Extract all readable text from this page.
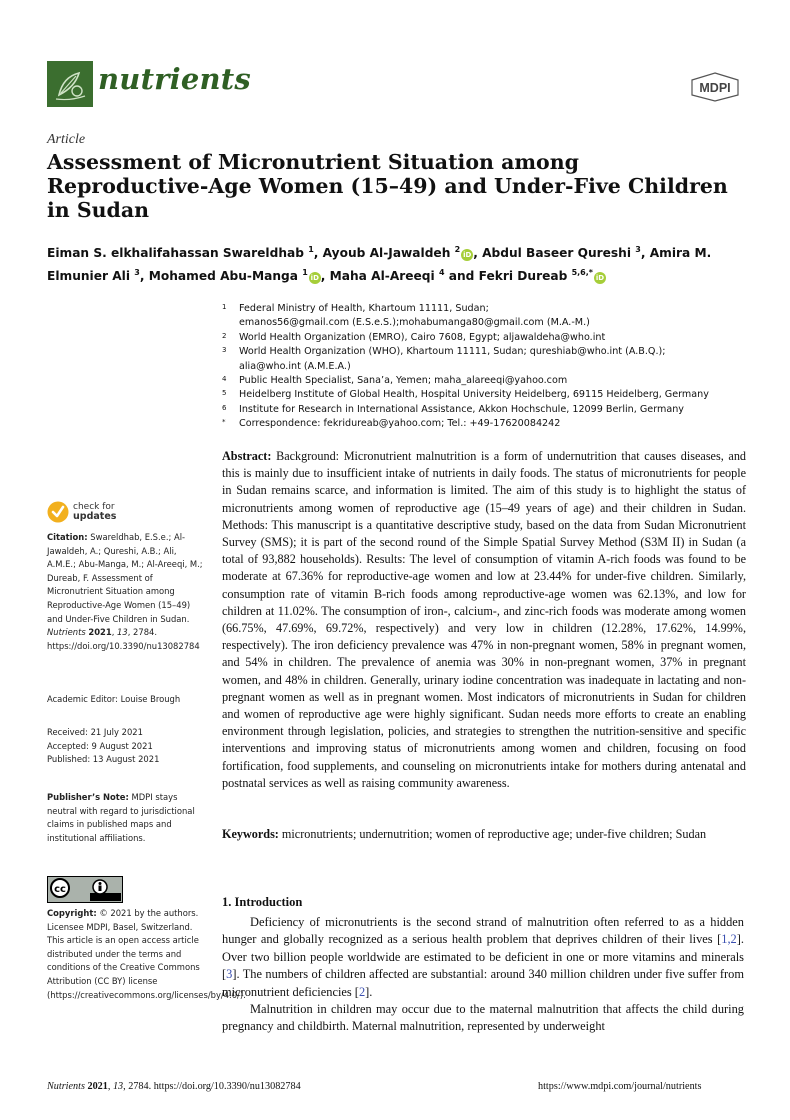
nutrients	MDPI
Article
Assessment of Micronutrient Situation among Reproductive-Age Women (15–49) and Under-Five Children in Sudan
Eiman S. elkhalifahassan Swareldhab $^1$, Ayoub Al-Jawaldeh $^2$iD , Abdul Baseer Qureshi $^3$, Amira M. Elmunier Ali $^3$, Mohamed Abu-Manga $^1$iD , Maha Al-Areeqi $^4$ and Fekri Dureab $^{5,6,*}$iD
1 Federal Ministry of Health, Khartoum 11111, Sudan;
emanos56@gmail.com (E.S.e.S.);mohabumanga80@gmail.com (M.A.-M.)
2 World Health Organization (EMRO), Cairo 7608, Egypt; aljawaldeha@who.int
3 World Health Organization (WHO), Khartoum 11111, Sudan; qureshiab@who.int (A.B.Q.);
alia@who.int (A.M.E.A.)
4 Public Health Specialist, Sana’a, Yemen; maha_alareeqi@yahoo.com
5 Heidelberg Institute of Global Health, Hospital University Heidelberg, 69115 Heidelberg, Germany
6 Institute for Research in International Assistance, Akkon Hochschule, 12099 Berlin, Germany
* Correspondence: fekridureab@yahoo.com; Tel.: +49-17620084242
Abstract: Background: Micronutrient malnutrition is a form of undernutrition that causes diseases, and this is mainly due to insufficient intake of nutrients in daily foods. The status of micronutrients for people in Sudan remains scarce, and information is limited. The aim of this study is to highlight the status of micronutrients among women of reproductive age (15–49 years of age) and their children in Sudan. Methods: This manuscript is a quantitative descriptive study, based on the data from Sudan Micronutrient Survey (SMS); it is part of the second round of the Simple Spatial Survey Method (S3M II) in Sudan (a total of 93,882 households). Results: The level of consumption of vitamin A-rich foods was found to be moderate at 67.36% for reproductive-age women and low at 23.44% for under-five children. Similarly, consumption rate of vitamin B-rich foods among reproductive-age women was 62.13%, and low for children at 11.02%. The consumption of iron-, calcium-, and zinc-rich foods was moderate among women (66.75%, 47.69%, 69.72%, respectively) and very low in children (12.28%, 17.62%, 14.99%, respectively). The iron deficiency prevalence was 47% in non-pregnant women, 58% in pregnant women, and 54% in children. The prevalence of anemia was 30% in non-pregnant women, 37% in pregnant women, and 48% in children. Generally, urinary iodine concentration was inadequate in lactating and non-pregnant women as well as in pregnant women. Most indicators of micronutrients in Sudan for children and women of reproductive age were highly significant. Sudan needs more efforts to create an enabling environment through legislation, policies, and strategies to strengthen the nutrition-sensitive and specific interventions and improving status of micronutrients among women and children, focusing on food fortification, food supplements, and counseling on micronutrients intake for mothers during antenatal and postnatal services as well as raising community awareness.
Keywords: micronutrients; undernutrition; women of reproductive age; under-five children; Sudan
check for
updates
Citation: Swareldhab, E.S.e.; Al-Jawaldeh, A.; Qureshi, A.B.; Ali, A.M.E.; Abu-Manga, M.; Al-Areeqi, M.; Dureab, F. Assessment of Micronutrient Situation among Reproductive-Age Women (15–49) and Under-Five Children in Sudan. Nutrients 2021, 13, 2784. https://doi.org/10.3390/nu13082784
Academic Editor: Louise Brough
Received: 21 July 2021
Accepted: 9 August 2021
Published: 13 August 2021
Publisher’s Note: MDPI stays neutral with regard to jurisdictional claims in published maps and institutional affiliations.
cc
Copyright: © 2021 by the authors. Licensee MDPI, Basel, Switzerland. This article is an open access article distributed under the terms and conditions of the Creative Commons Attribution (CC BY) license (https://creativecommons.org/licenses/by/4.0/).
1. Introduction

Deficiency of micronutrients is the second strand of malnutrition often referred to as a hidden hunger and globally recognized as a serious health problem that deprives children of their lives [1,2]. Over two billion people worldwide are estimated to be deficient in one or more vitamins and minerals [3]. The numbers of children affected are substantial: around 340 million children under five suffer from micronutrient deficiencies [2].

Malnutrition in children may occur due to the maternal malnutrition that affects the child during pregnancy and childbirth. Maternal malnutrition, represented by underweight

Nutrients 2021, 13, 2784. https://doi.org/10.3390/nu13082784	https://www.mdpi.com/journal/nutrients
